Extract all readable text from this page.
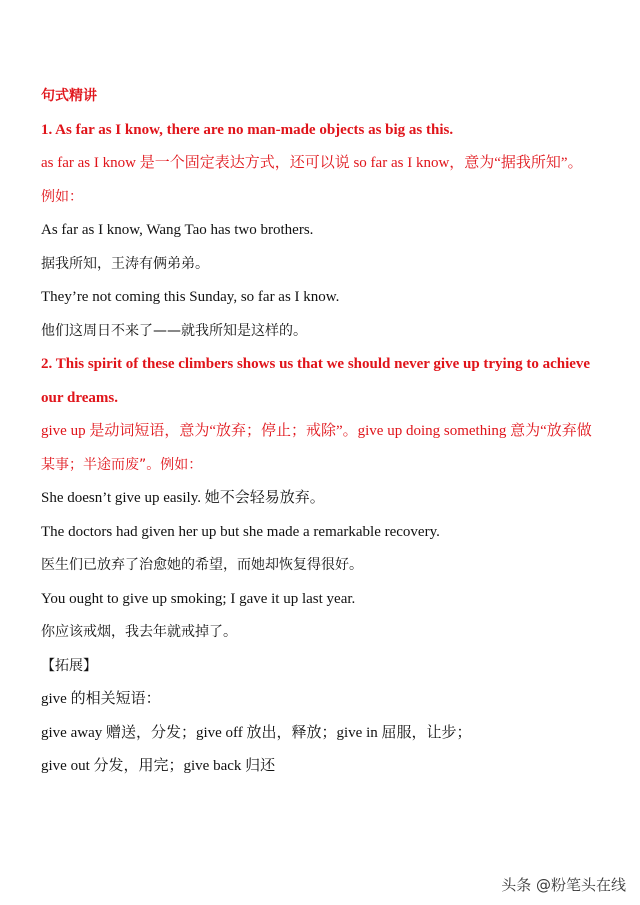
句式精讲
1. As far as I know, there are no man-made objects as big as this.
as far as I know 是一个固定表达方式，还可以说 so far as I know，意为“据我所知”。
例如：
As far as I know, Wang Tao has two brothers.
据我所知，王涛有俩弟弟。
They’re not coming this Sunday, so far as I know.
他们这周日不来了——就我所知是这样的。
2. This spirit of these climbers shows us that we should never give up trying to achieve
our dreams.
give up 是动词短语，意为“放弃；停止；戒除”。give up doing something 意为“放弃做
某事；半途而废”。例如：
She doesn’t give up easily. 她不会轻易放弃。
The doctors had given her up but she made a remarkable recovery.
医生们已放弃了治愈她的希望，而她却恢复得很好。
You ought to give up smoking; I gave it up last year.
你应该戒烟，我去年就戒掉了。
【拓展】
give 的相关短语：
give away 赠送，分发；give off 放出，释放；give in 屈服，让步；
give out 分发，用完；give back 归还
头条 @粉笔头在线
